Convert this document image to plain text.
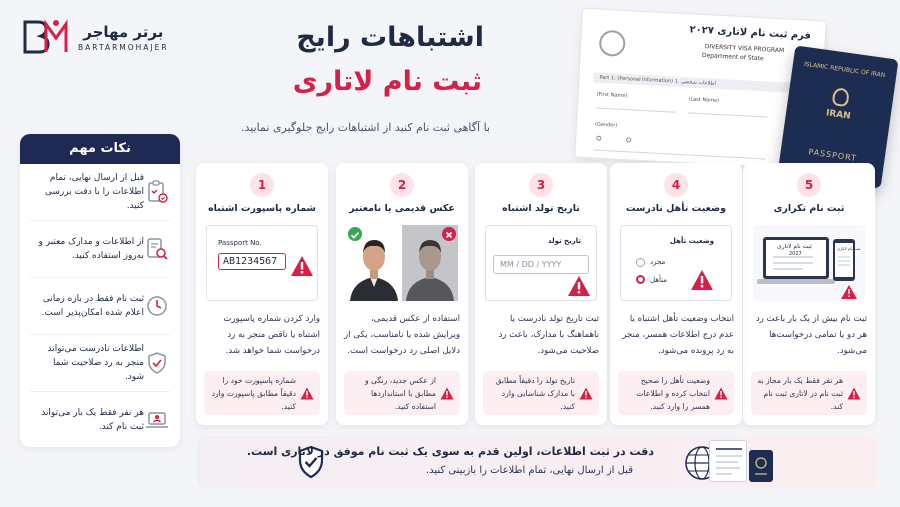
برتر مهاجر
BARTARMOHAJER	اشتباهات رایج
ثبت نام لاتاری
با آگاهی ثبت نام کنید از اشتباهات رایج جلوگیری نمایید.
فرم ثبت نام لاتاری ۲۰۲۷
DIVERSITY VISA PROGRAM
Department of State
Part 1: (Personal Information) 1. اطلاعات شخصی
(First Name)
(Last Name)
(Gender)
ISLAMIC REPUBLIC OF IRAN
IRAN
PASSPORT
نکات مهم
قبل از ارسال نهایی، تمام اطلاعات را با دقت بررسی کنید.
از اطلاعات و مدارک معتبر و به‌روز استفاده کنید.
ثبت نام فقط در بازه زمانی اعلام شده امکان‌پذیر است.
اطلاعات نادرست می‌تواند منجر به رد صلاحیت شما شود.
هر نفر فقط یک بار می‌تواند ثبت نام کند.
5
ثبت نام تکراری
ثبت نام لاتاری
2027
ثبت نام لاتاری
ثبت نام بیش از یک بار باعث رد هر دو یا تمامی درخواست‌ها می‌شود.
هر نفر فقط یک بار مجاز به ثبت نام در لاتاری ثبت نام کند.
4
وضعیت تأهل نادرست
وضعیت تأهل
مجرد
متأهل
انتخاب وضعیت تأهل اشتباه یا عدم درج اطلاعات همسر، منجر به رد پرونده می‌شود.
وضعیت تأهل را صحیح انتخاب کرده و اطلاعات همسر را وارد کنید.
3
تاریخ تولد اشتباه
تاریخ تولد
MM / DD / YYYY
ثبت تاریخ تولد نادرست یا ناهماهنگ با مدارک، باعث رد صلاحیت می‌شود.
تاریخ تولد را دقیقاً مطابق با مدارک شناسایی وارد کنید.
2
عکس قدیمی یا نامعتبر
استفاده از عکس قدیمی، ویرایش شده یا نامناسب، یکی از دلایل اصلی رد درخواست است.
از عکس جدید، رنگی و مطابق با استانداردها استفاده کنید.
1
شماره پاسپورت اشتباه
Passport No.
AB1234567
وارد کردن شماره پاسپورت اشتباه یا ناقص منجر به رد درخواست شما خواهد شد.
شماره پاسپورت خود را دقیقاً مطابق پاسپورت وارد کنید.
دقت در ثبت اطلاعات، اولین قدم به سوی یک ثبت نام موفق در لاتاری است.
قبل از ارسال نهایی، تمام اطلاعات را بازبینی کنید.
